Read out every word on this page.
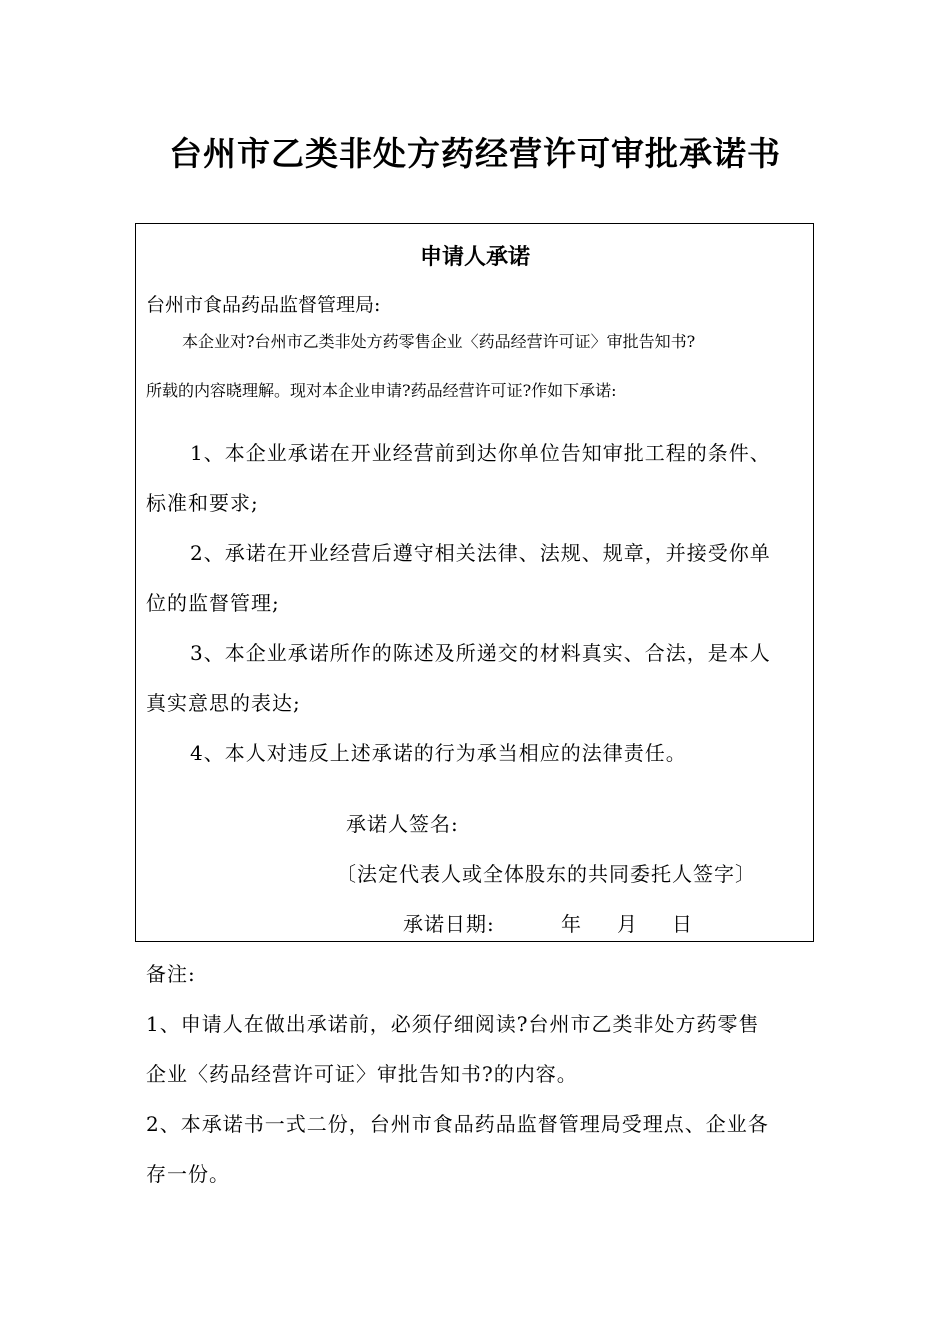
台州市乙类非处方药经营许可审批承诺书
申请人承诺
台州市食品药品监督管理局:
本企业对?台州市乙类非处方药零售企业〈药品经营许可证〉审批告知书?
所载的内容晓理解。现对本企业申请?药品经营许可证?作如下承诺:
1、本企业承诺在开业经营前到达你单位告知审批工程的条件、
标准和要求;
2、承诺在开业经营后遵守相关法律、法规、规章，并接受你单
位的监督管理;
3、本企业承诺所作的陈述及所递交的材料真实、合法，是本人
真实意思的表达;
4、本人对违反上述承诺的行为承当相应的法律责任。
承诺人签名:
〔法定代表人或全体股东的共同委托人签字〕
承诺日期:	年 月 日
备注:
1、申请人在做出承诺前，必须仔细阅读?台州市乙类非处方药零售
企业〈药品经营许可证〉审批告知书?的内容。
2、本承诺书一式二份，台州市食品药品监督管理局受理点、企业各
存一份。
